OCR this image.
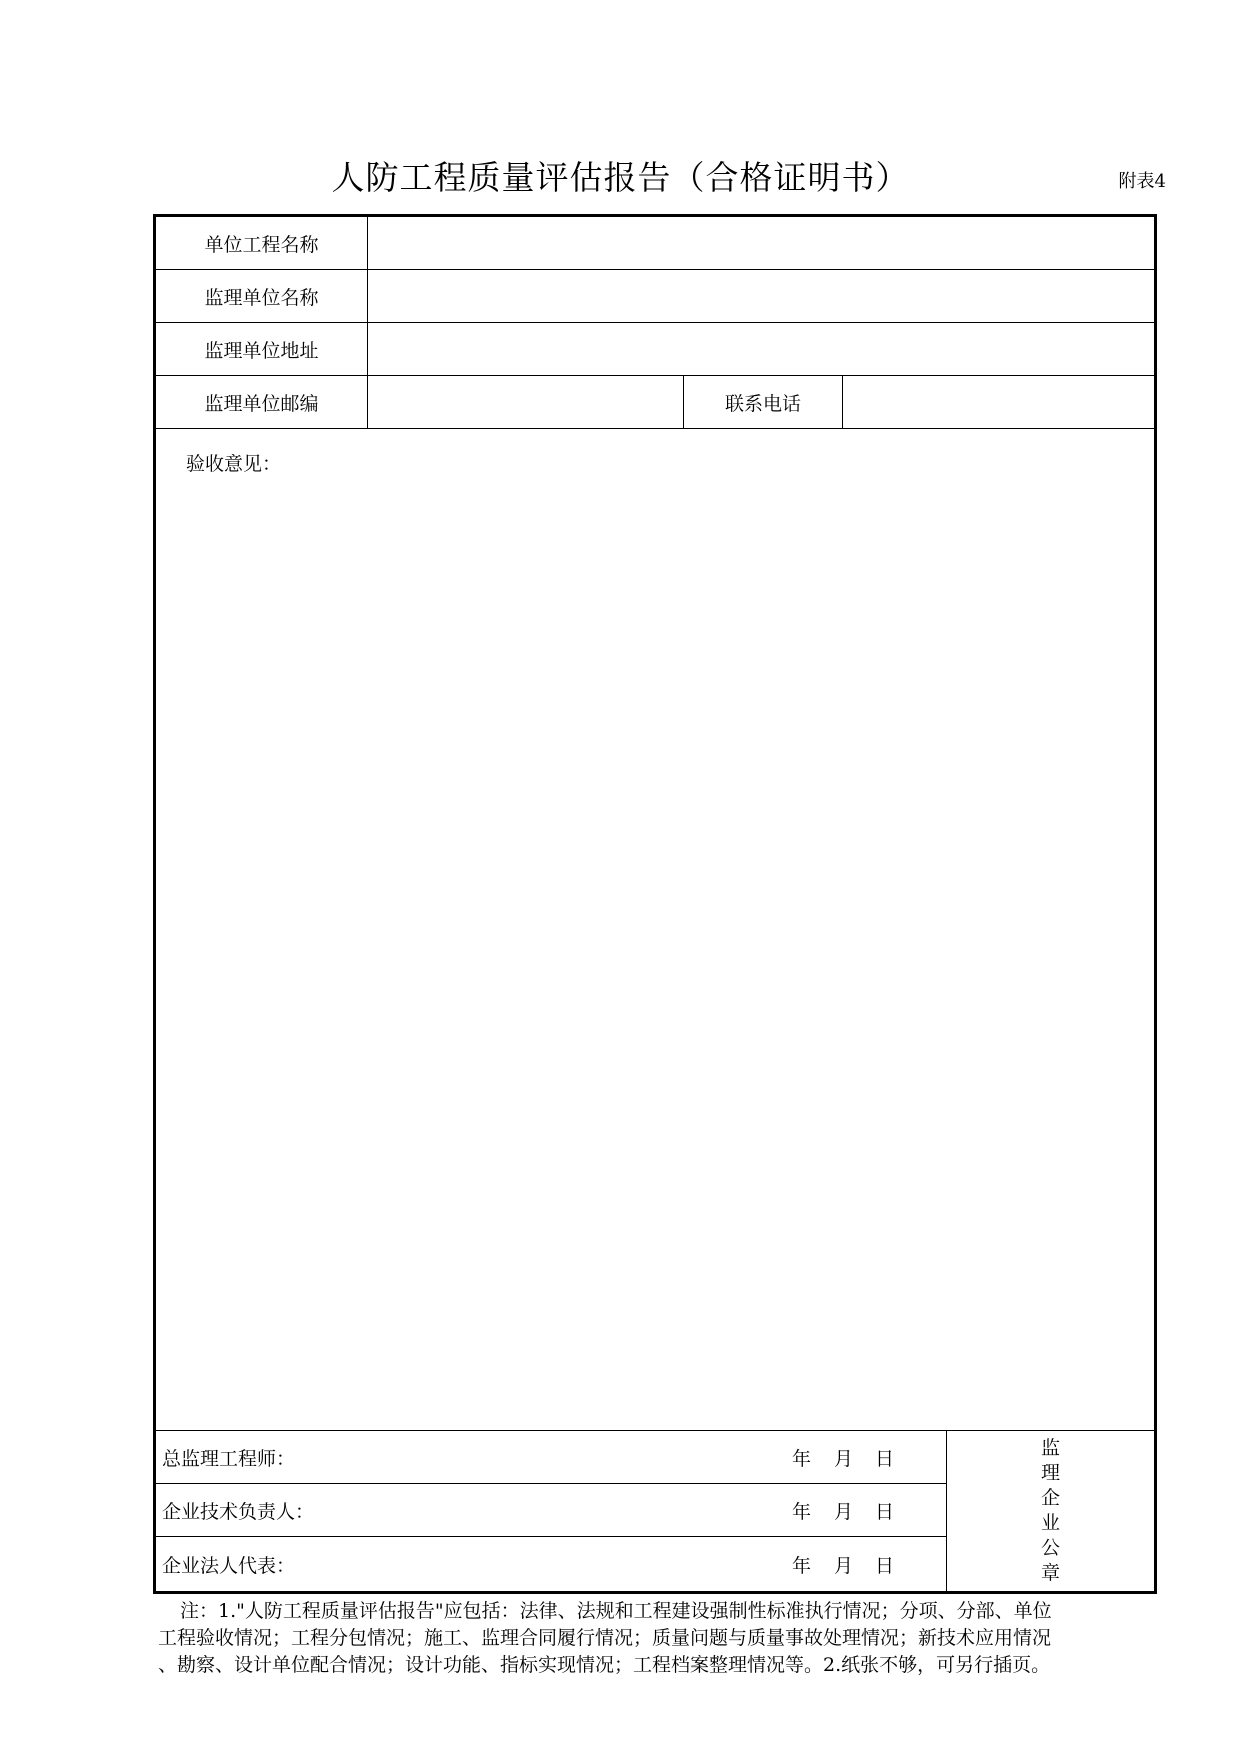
人防工程质量评估报告（合格证明书）	附表4
单位工程名称
监理单位名称
监理单位地址
监理单位邮编	联系电话
验收意见：
总监理工程师：	年	月	日
企业技术负责人：	年	月	日
企业法人代表：	年	月	日
监
理
企
业
公
章

注：1."人防工程质量评估报告"应包括：法律、法规和工程建设强制性标准执行情况；分项、分部、单位

工程验收情况；工程分包情况；施工、监理合同履行情况；质量问题与质量事故处理情况；新技术应用情况

、勘察、设计单位配合情况；设计功能、指标实现情况；工程档案整理情况等。2.纸张不够，可另行插页。
